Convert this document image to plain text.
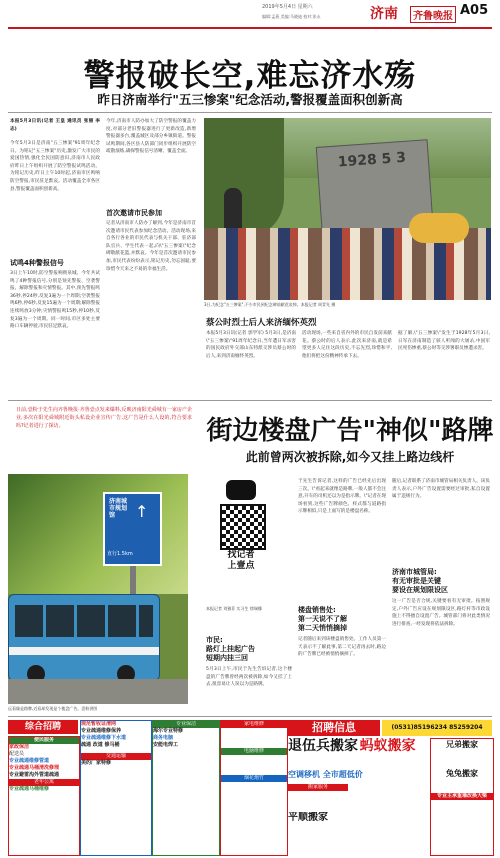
2019年5月4日 星期六
编辑:孟燕 美编:马晓迪 校对:张永	济南	齐鲁晚报 A05
警报破长空,难忘济水殇
昨日济南举行"五三惨案"纪念活动,警报覆盖面积创新高
本报5月3日讯(记者 王皇 通讯员 张丽 李志)
今年5月3日是济南"五三惨案"91周年纪念日。为铭记"五三惨案"历史,激发广大市民的爱国热情,强化全民国防意识,济南市人民政府昨日上午组织开展了防空警报试鸣活动。 为铭记历史,昨日上午10时起,济南市区鸣响防空警报,市民驻足默哀。活动覆盖全市各区县,警报覆盖面积创新高。
试鸣4种警报信号
3日上午10时,防空警报响彻泉城。今年共试鸣了4种警报信号,分别是预先警报、空袭警报、解除警报和灾情警报。其中,预先警报鸣36秒,停24秒,反复3遍为一个周期;空袭警报鸣6秒,停6秒,反复15遍为一个周期;解除警报连续鸣放3分钟;灾情警报鸣15秒,停10秒,反复3遍为一个周期。同一时间,市区多处主要路口车辆停驶,市民驻足默哀。
今年,济南市人防办加大了防空警报的覆盖力度,对部分老旧警报器进行了更新改造,新增警报器多台,覆盖城区及部分乡镇街道。警报试鸣期间,各区县人防部门同步组织开展防空疏散演练,确保警报信号清晰、覆盖全面。
首次邀请市民参加
记者从济南市人防办了解到,今年是济南市首次邀请市民代表参加纪念活动。活动现场,来自各行各业的市民代表与机关干部、驻济部队官兵、学生代表一起,向\"五三惨案\"纪念碑敬献花篮,并默哀。今年是首次邀请市民参加,市民代表纷纷表示,铭记历史,勿忘国耻,要珍惜今天来之不易的幸福生活。
1928 5 3
3日,为纪念"五三惨案",不少市民到纪念碑前献花哀悼。本报记者 周青先 摄
蔡公时烈士后人来济缅怀英烈
本报5月3日讯(记者 郭学军) 5月3日,是济南\"五三惨案\"91周年纪念日,当年遭日军杀害的国民政府外交部山东特派交涉员蔡公时的后人,来到济南缅怀英烈。
活动现场,一些来自省内外的市民自发前来献花。蔡公时的后人表示,此次来济南,就是希望更多人记住这段历史,不忘先烈,珍惜和平,他们将把这份精神传承下去。
据了解,\"五三惨案\"发生于1928年5月3日,日军在济南制造了骇人听闻的大屠杀,中国军民死伤惨重,蔡公时等交涉署职员惨遭杀害。
日前,壹粉于先生向齐鲁晚报·齐鲁壹点发来爆料,反映济南阳光舜城有一家房产企业,多次在阳光舜城附近街头私设企业宣传广告,这广告是什么人设的,符合要求吗?记者进行了探访。	街边楼盘广告"神似"路牌
此前曾两次被拆除,如今又挂上路边线杆
济南城市规划馆	↑
直行1.5km
远看像是路牌,近看却发现是个楼盘广告。壹粉供图
找记者
上壹点
本报记者 刘雅菲 实习生 徐瑞娜
市民:
路灯上挂起广告
短期内挂三回
5月3日上午,市民于先生告诉记者,这个楼盘的广告牌曾经两次被拆除,如今又挂了上去,很容易让人误以为是路牌。
于先生告诉记者,这样的广告已经先后出现三次。\"看起来就像是路牌,一般人都不会注意,开车的司机还以为是指示牌。\"记者在现场看到,这些广告牌颜色、样式都与道路指示牌相似,只是上面写的是楼盘名称。
楼盘销售处:
第一天说不了解
第二天悄悄摘掉
记者随后来到该楼盘销售处。工作人员第一天表示不了解此事,第二天记者再去时,路边的广告牌已经被悄悄摘掉了。
随后,记者联系了济南市城管局相关负责人。该负责人表示,户外广告设置需要经过审批,私自设置属于违规行为。
济南市城管局:
有无审批是关键
要设在规划限设区
这一广告是否合规,关键要看有无审批。按照规定,户外广告应设在规划限设区,路灯杆等市政设施上不得擅自设置广告。城管部门将对此类情况进行排查,一经发现将依法拆除。
综合招聘
便民服务
家政保洁
配送员
专业疏通维修管道
专业疏通马桶清洗修理
专业避雷沟外管道疏通
老年公寓
专业疏通马桶维修
规范暂收证清网
专业疏通维修保养
专业疏通维修下水道
疏通 改道 修马桶
交通运输
美的厂家特修
专业保洁
海尔专业特修
商务电脑
安能电焊工
家电维修
电脑维修
烟花炮竹
招聘信息	(0531)85196234 85259204
退伍兵搬家 蚂蚁搬家
空调移机 全市超低价
搬家服务
平顺搬家
兄弟搬家
兔兔搬家
专业主承重墙改换大梁
